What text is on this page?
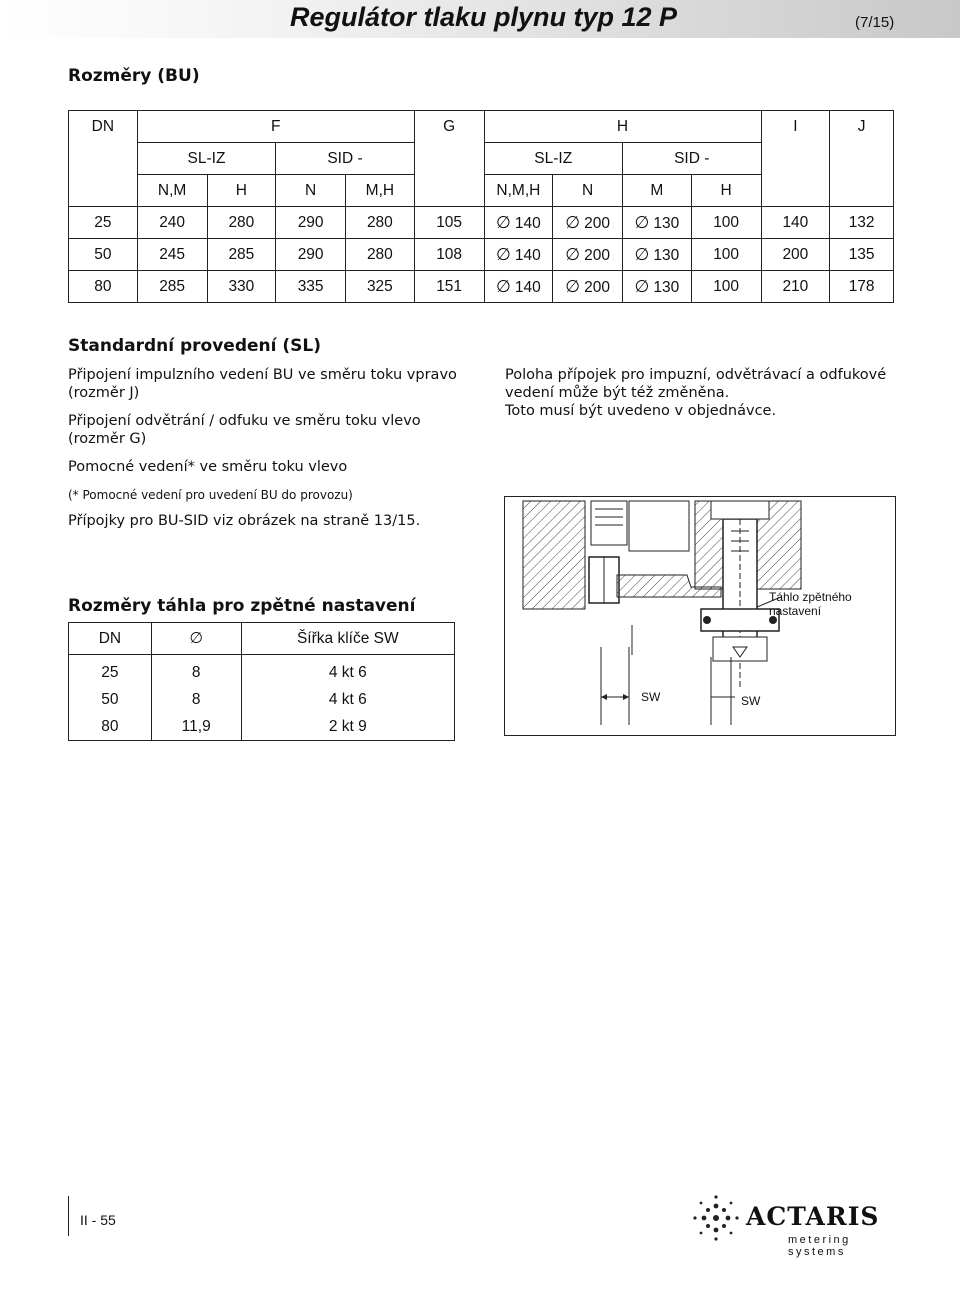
Regulátor tlaku plynu typ 12 P	(7/15)
Rozměry (BU)
DN	F				G	H				I	J
	SL-IZ		SID -			SL-IZ		SID -			
	N,M	H	N	M,H		N,M,H	N	M	H		
25	240	280	290	280	105	∅ 140	∅ 200	∅ 130	100	140	132
50	245	285	290	280	108	∅ 140	∅ 200	∅ 130	100	200	135
80	285	330	335	325	151	∅ 140	∅ 200	∅ 130	100	210	178
Standardní provedení (SL)
Připojení impulzního vedení BU ve směru toku vpravo (rozměr J)
Připojení odvětrání / odfuku ve směru toku vlevo (rozměr G)
Pomocné vedení* ve směru toku vlevo
(* Pomocné vedení pro uvedení BU do provozu)
Přípojky pro BU-SID viz obrázek na straně 13/15.
Poloha přípojek pro impuzní, odvětrávací a odfukové vedení může být též změněna.
Toto musí být uvedeno v objednávce.
Rozměry táhla pro zpětné nastavení
DN	∅	Šířka klíče SW
25	8	4 kt 6
50	8	4 kt 6
80	11,9	2 kt 9
Táhlo zpětného
nastavení
SW	SW
II - 55	ACTARIS
metering systems
